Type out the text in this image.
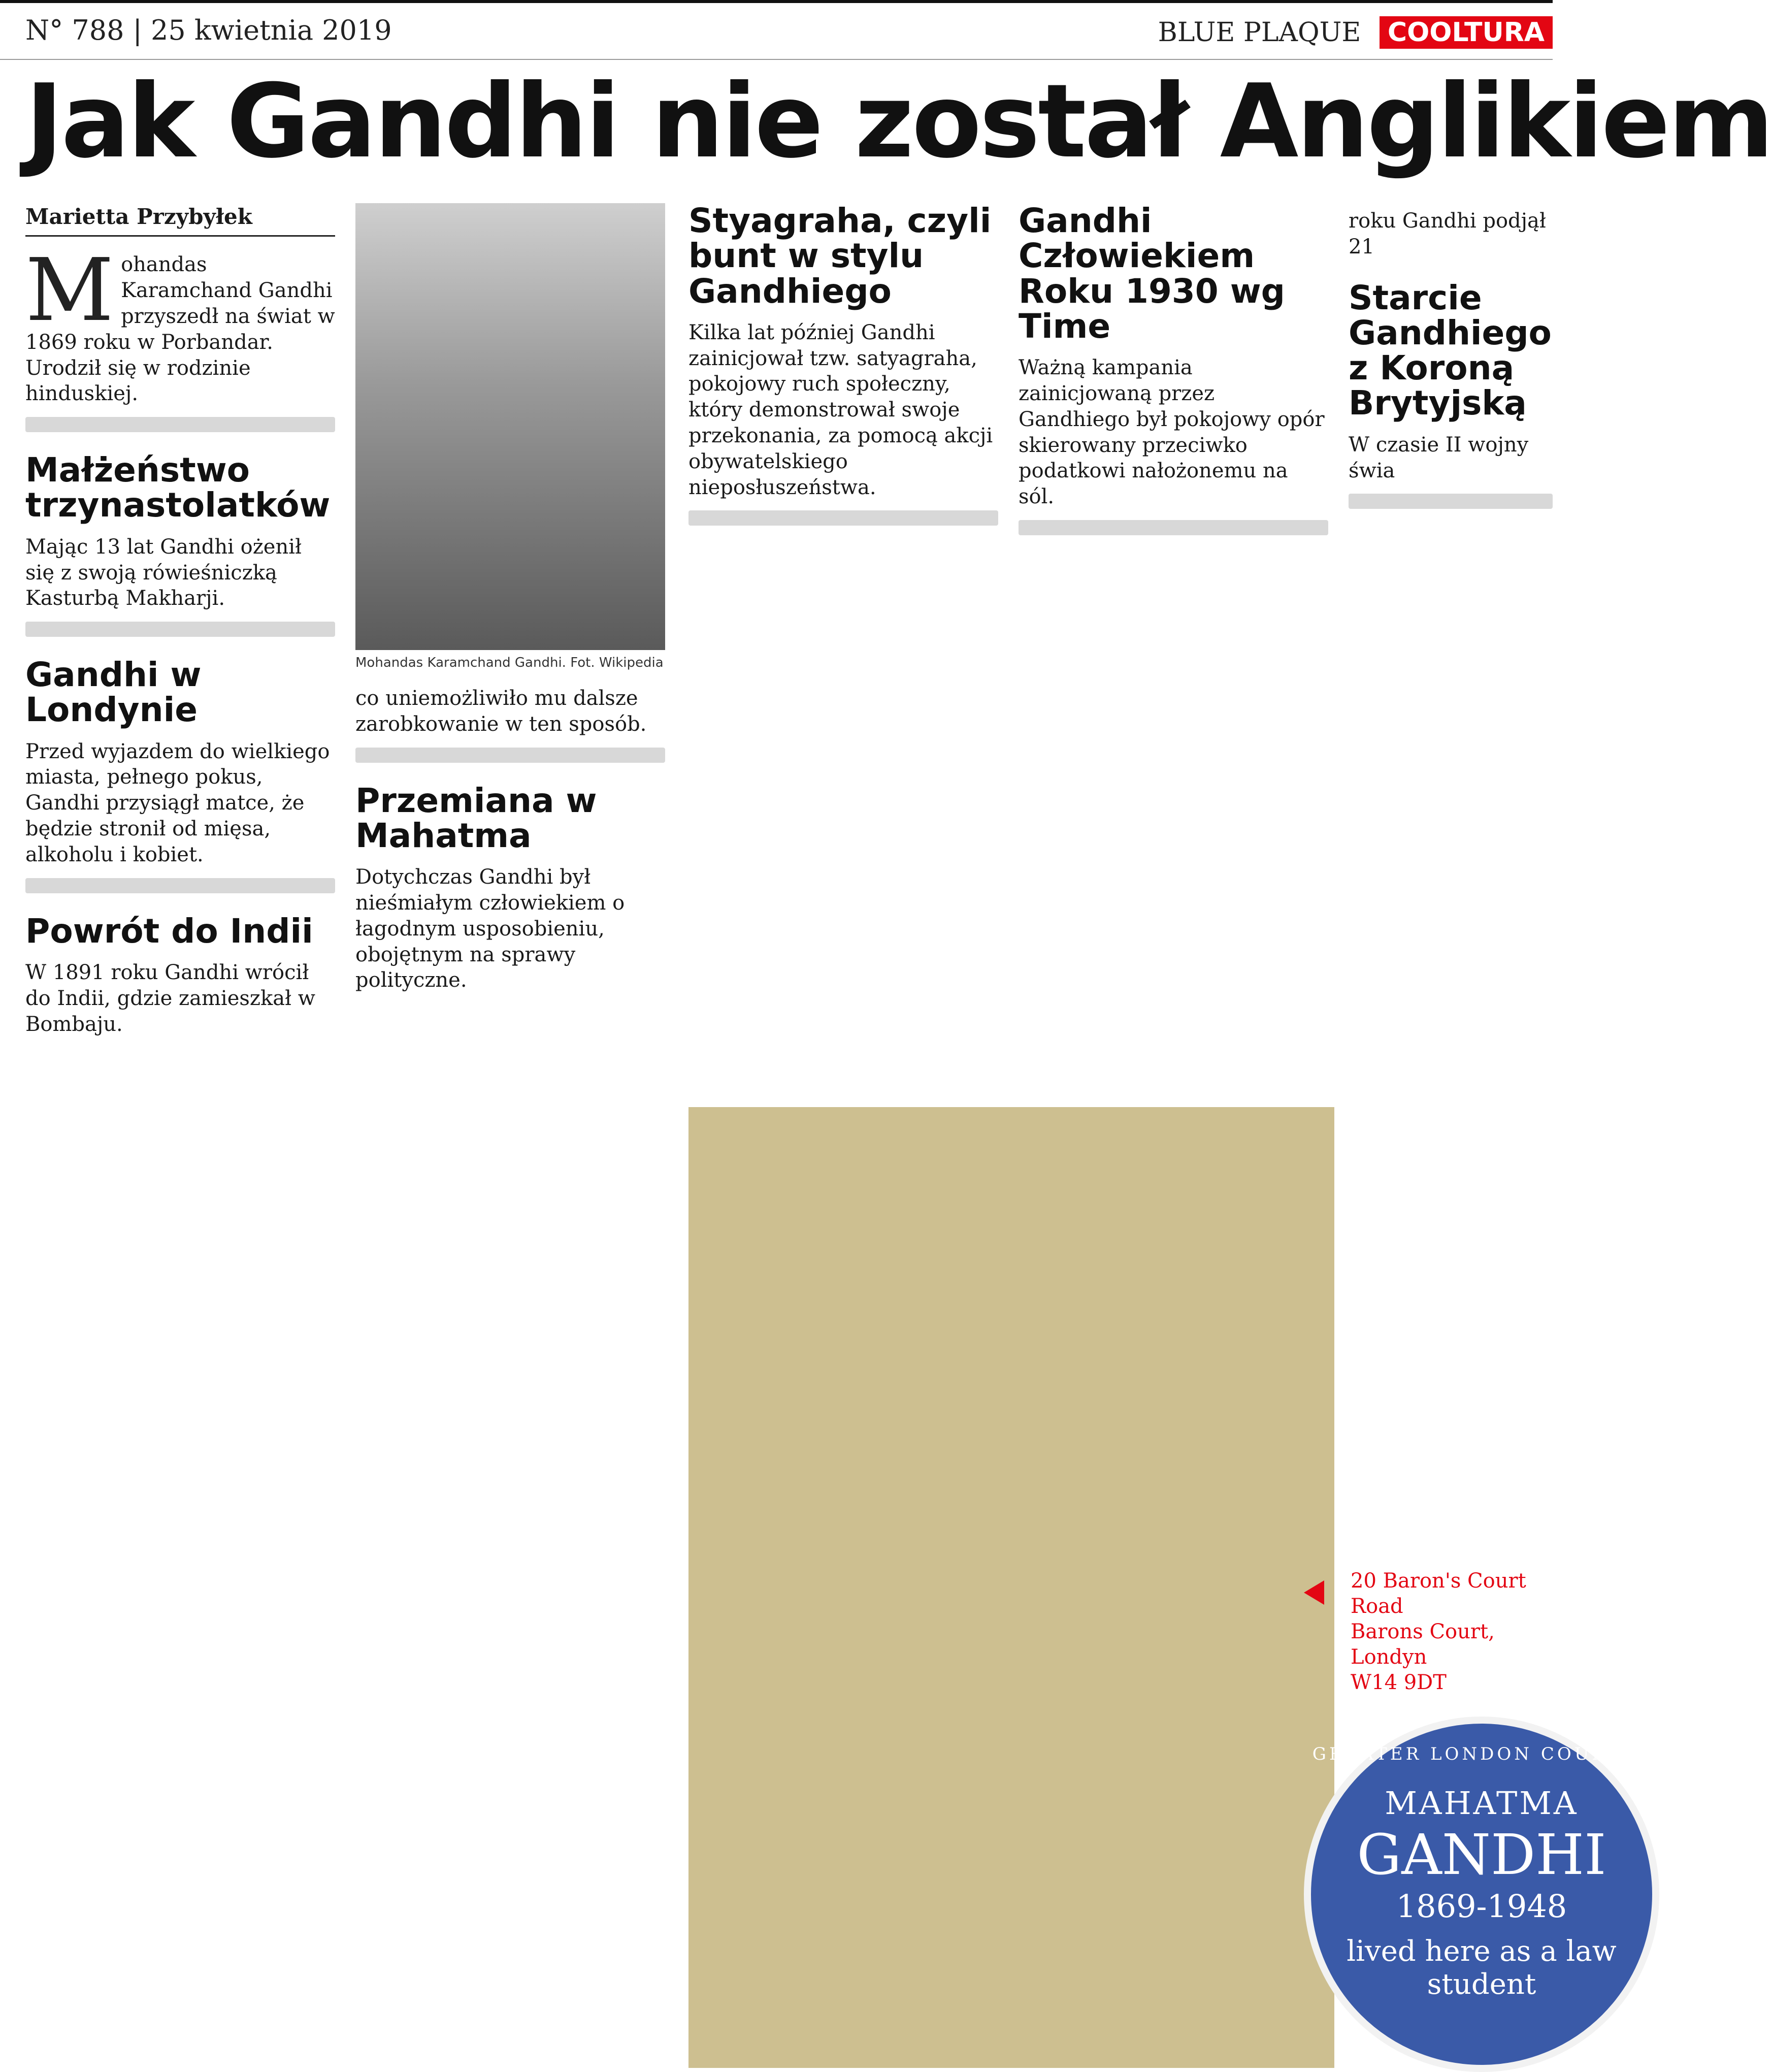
N° 788 | 25 kwietnia 2019	BLUE PLAQUE COOLTURA
Jak Gandhi nie został Anglikiem
Marietta Przybyłek

Mohandas Karamchand Gandhi przyszedł na świat w 1869 roku w Porbandar. Urodził się w rodzinie hinduskiej.

Małżeństwo trzynastolatków

Mając 13 lat Gandhi ożenił się z swoją rówieśniczką Kasturbą Makharji.

Gandhi w Londynie

Przed wyjazdem do wielkiego miasta, pełnego pokus, Gandhi przysiągł matce, że będzie stronił od mięsa, alkoholu i kobiet.

Powrót do Indii

W 1891 roku Gandhi wrócił do Indii, gdzie zamieszkał w Bombaju.

Mohandas Karamchand Gandhi. Fot. Wikipedia

co uniemożliwiło mu dalsze zarobkowanie w ten sposób.

Przemiana w Mahatma

Dotychczas Gandhi był nieśmiałym człowiekiem o łagodnym usposobieniu, obojętnym na sprawy polityczne.

Styagraha, czyli bunt w stylu Gandhiego

Kilka lat później Gandhi zainicjował tzw. satyagraha, pokojowy ruch społeczny, który demonstrował swoje przekonania, za pomocą akcji obywatelskiego nieposłuszeństwa.

Gandhi Człowiekiem Roku 1930 wg Time

Ważną kampania zainicjowaną przez Gandhiego był pokojowy opór skierowany przeciwko podatkowi nałożonemu na sól.

roku Gandhi podjął 21

Starcie Gandhiego z Koroną Brytyjską

W czasie II wojny świa

20 Baron's Court Road
Barons Court, Londyn
W14 9DT
GREATER LONDON COUNCIL
MAHATMA
GANDHI
1869-1948
lived here as a law student
